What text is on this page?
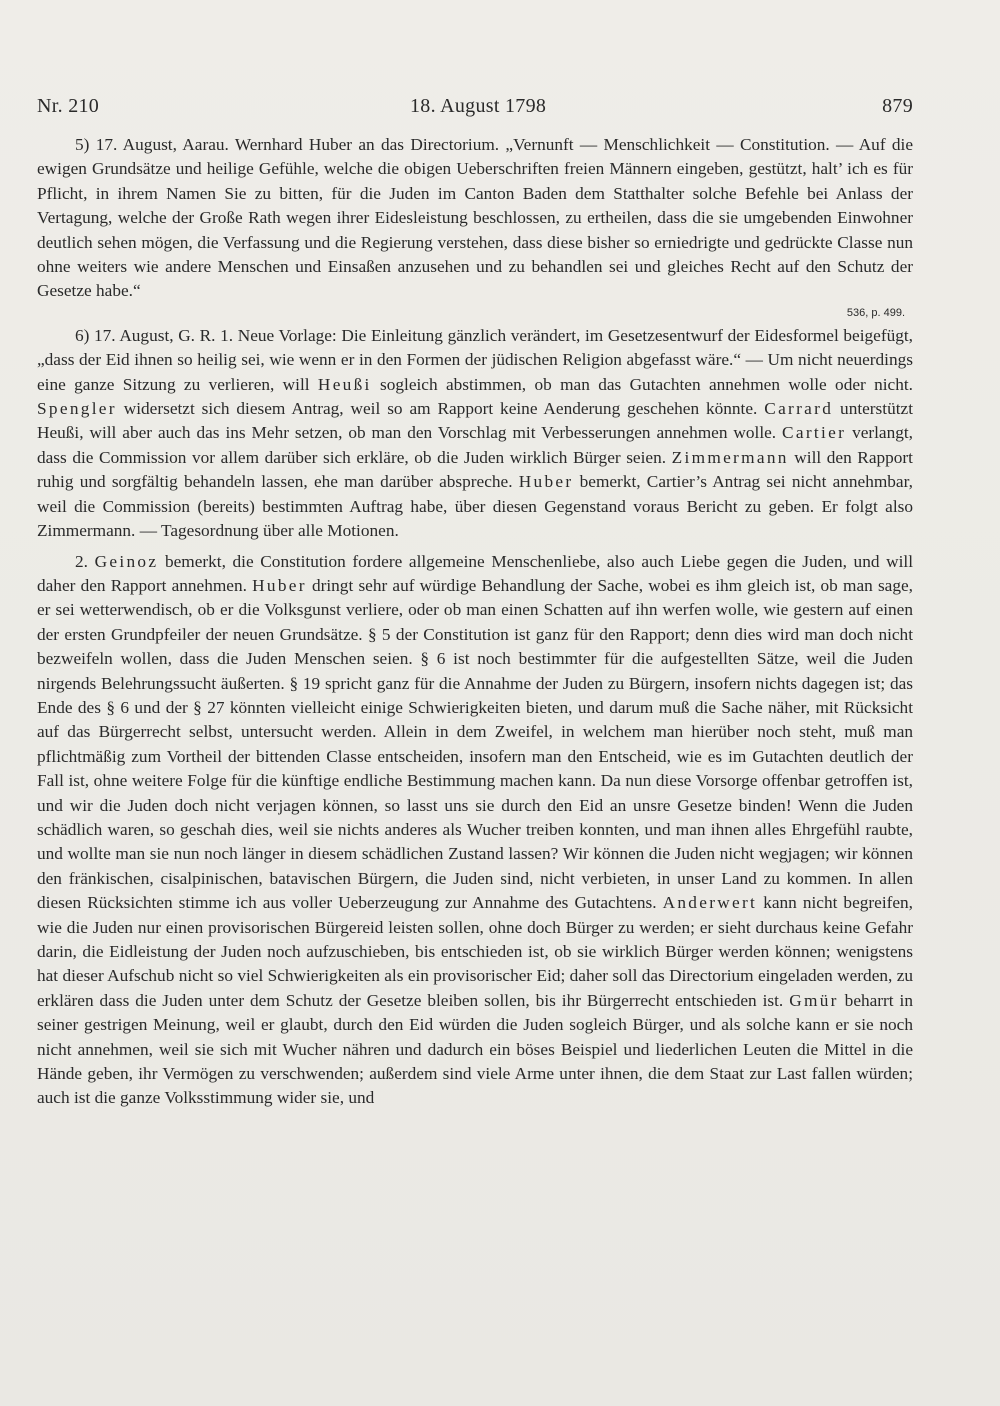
Nr. 210	18. August 1798	879

5) 17. August, Aarau. Wernhard Huber an das Directorium. „Vernunft — Menschlichkeit — Constitution. — Auf die ewigen Grundsätze und heilige Gefühle, welche die obigen Ueberschriften freien Männern eingeben, gestützt, halt’ ich es für Pflicht, in ihrem Namen Sie zu bitten, für die Juden im Canton Baden dem Statthalter solche Befehle bei Anlass der Vertagung, welche der Große Rath wegen ihrer Eidesleistung beschlossen, zu ertheilen, dass die sie umgebenden Einwohner deutlich sehen mögen, die Verfassung und die Regierung verstehen, dass diese bisher so erniedrigte und gedrückte Classe nun ohne weiters wie andere Menschen und Einsaßen anzusehen und zu behandlen sei und gleiches Recht auf den Schutz der Gesetze habe.“

536, p. 499.

6) 17. August, G. R. 1. Neue Vorlage: Die Einleitung gänzlich verändert, im Gesetzesentwurf der Eidesformel beigefügt, „dass der Eid ihnen so heilig sei, wie wenn er in den Formen der jüdischen Religion abgefasst wäre.“ — Um nicht neuerdings eine ganze Sitzung zu verlieren, will Heußi sogleich abstimmen, ob man das Gutachten annehmen wolle oder nicht. Spengler widersetzt sich diesem Antrag, weil so am Rapport keine Aenderung geschehen könnte. Carrard unterstützt Heußi, will aber auch das ins Mehr setzen, ob man den Vorschlag mit Verbesserungen annehmen wolle. Cartier verlangt, dass die Commission vor allem darüber sich erkläre, ob die Juden wirklich Bürger seien. Zimmermann will den Rapport ruhig und sorgfältig behandeln lassen, ehe man darüber abspreche. Huber bemerkt, Cartier’s Antrag sei nicht annehmbar, weil die Commission (bereits) bestimmten Auftrag habe, über diesen Gegenstand voraus Bericht zu geben. Er folgt also Zimmermann. — Tagesordnung über alle Motionen.

2. Geinoz bemerkt, die Constitution fordere allgemeine Menschenliebe, also auch Liebe gegen die Juden, und will daher den Rapport annehmen. Huber dringt sehr auf würdige Behandlung der Sache, wobei es ihm gleich ist, ob man sage, er sei wetterwendisch, ob er die Volksgunst verliere, oder ob man einen Schatten auf ihn werfen wolle, wie gestern auf einen der ersten Grundpfeiler der neuen Grundsätze. § 5 der Constitution ist ganz für den Rapport; denn dies wird man doch nicht bezweifeln wollen, dass die Juden Menschen seien. § 6 ist noch bestimmter für die aufgestellten Sätze, weil die Juden nirgends Belehrungssucht äußerten. § 19 spricht ganz für die Annahme der Juden zu Bürgern, insofern nichts dagegen ist; das Ende des § 6 und der § 27 könnten vielleicht einige Schwierigkeiten bieten, und darum muß die Sache näher, mit Rücksicht auf das Bürgerrecht selbst, untersucht werden. Allein in dem Zweifel, in welchem man hierüber noch steht, muß man pflichtmäßig zum Vortheil der bittenden Classe entscheiden, insofern man den Entscheid, wie es im Gutachten deutlich der Fall ist, ohne weitere Folge für die künftige endliche Bestimmung machen kann. Da nun diese Vorsorge offenbar getroffen ist, und wir die Juden doch nicht verjagen können, so lasst uns sie durch den Eid an unsre Gesetze binden! Wenn die Juden schädlich waren, so geschah dies, weil sie nichts anderes als Wucher treiben konnten, und man ihnen alles Ehrgefühl raubte, und wollte man sie nun noch länger in diesem schädlichen Zustand lassen? Wir können die Juden nicht wegjagen; wir können den fränkischen, cisalpinischen, batavischen Bürgern, die Juden sind, nicht verbieten, in unser Land zu kommen. In allen diesen Rücksichten stimme ich aus voller Ueberzeugung zur Annahme des Gutachtens. Anderwert kann nicht begreifen, wie die Juden nur einen provisorischen Bürgereid leisten sollen, ohne doch Bürger zu werden; er sieht durchaus keine Gefahr darin, die Eidleistung der Juden noch aufzuschieben, bis entschieden ist, ob sie wirklich Bürger werden können; wenigstens hat dieser Aufschub nicht so viel Schwierigkeiten als ein provisorischer Eid; daher soll das Directorium eingeladen werden, zu erklären dass die Juden unter dem Schutz der Gesetze bleiben sollen, bis ihr Bürgerrecht entschieden ist. Gmür beharrt in seiner gestrigen Meinung, weil er glaubt, durch den Eid würden die Juden sogleich Bürger, und als solche kann er sie noch nicht annehmen, weil sie sich mit Wucher nähren und dadurch ein böses Beispiel und liederlichen Leuten die Mittel in die Hände geben, ihr Vermögen zu verschwenden; außerdem sind viele Arme unter ihnen, die dem Staat zur Last fallen würden; auch ist die ganze Volksstimmung wider sie, und
